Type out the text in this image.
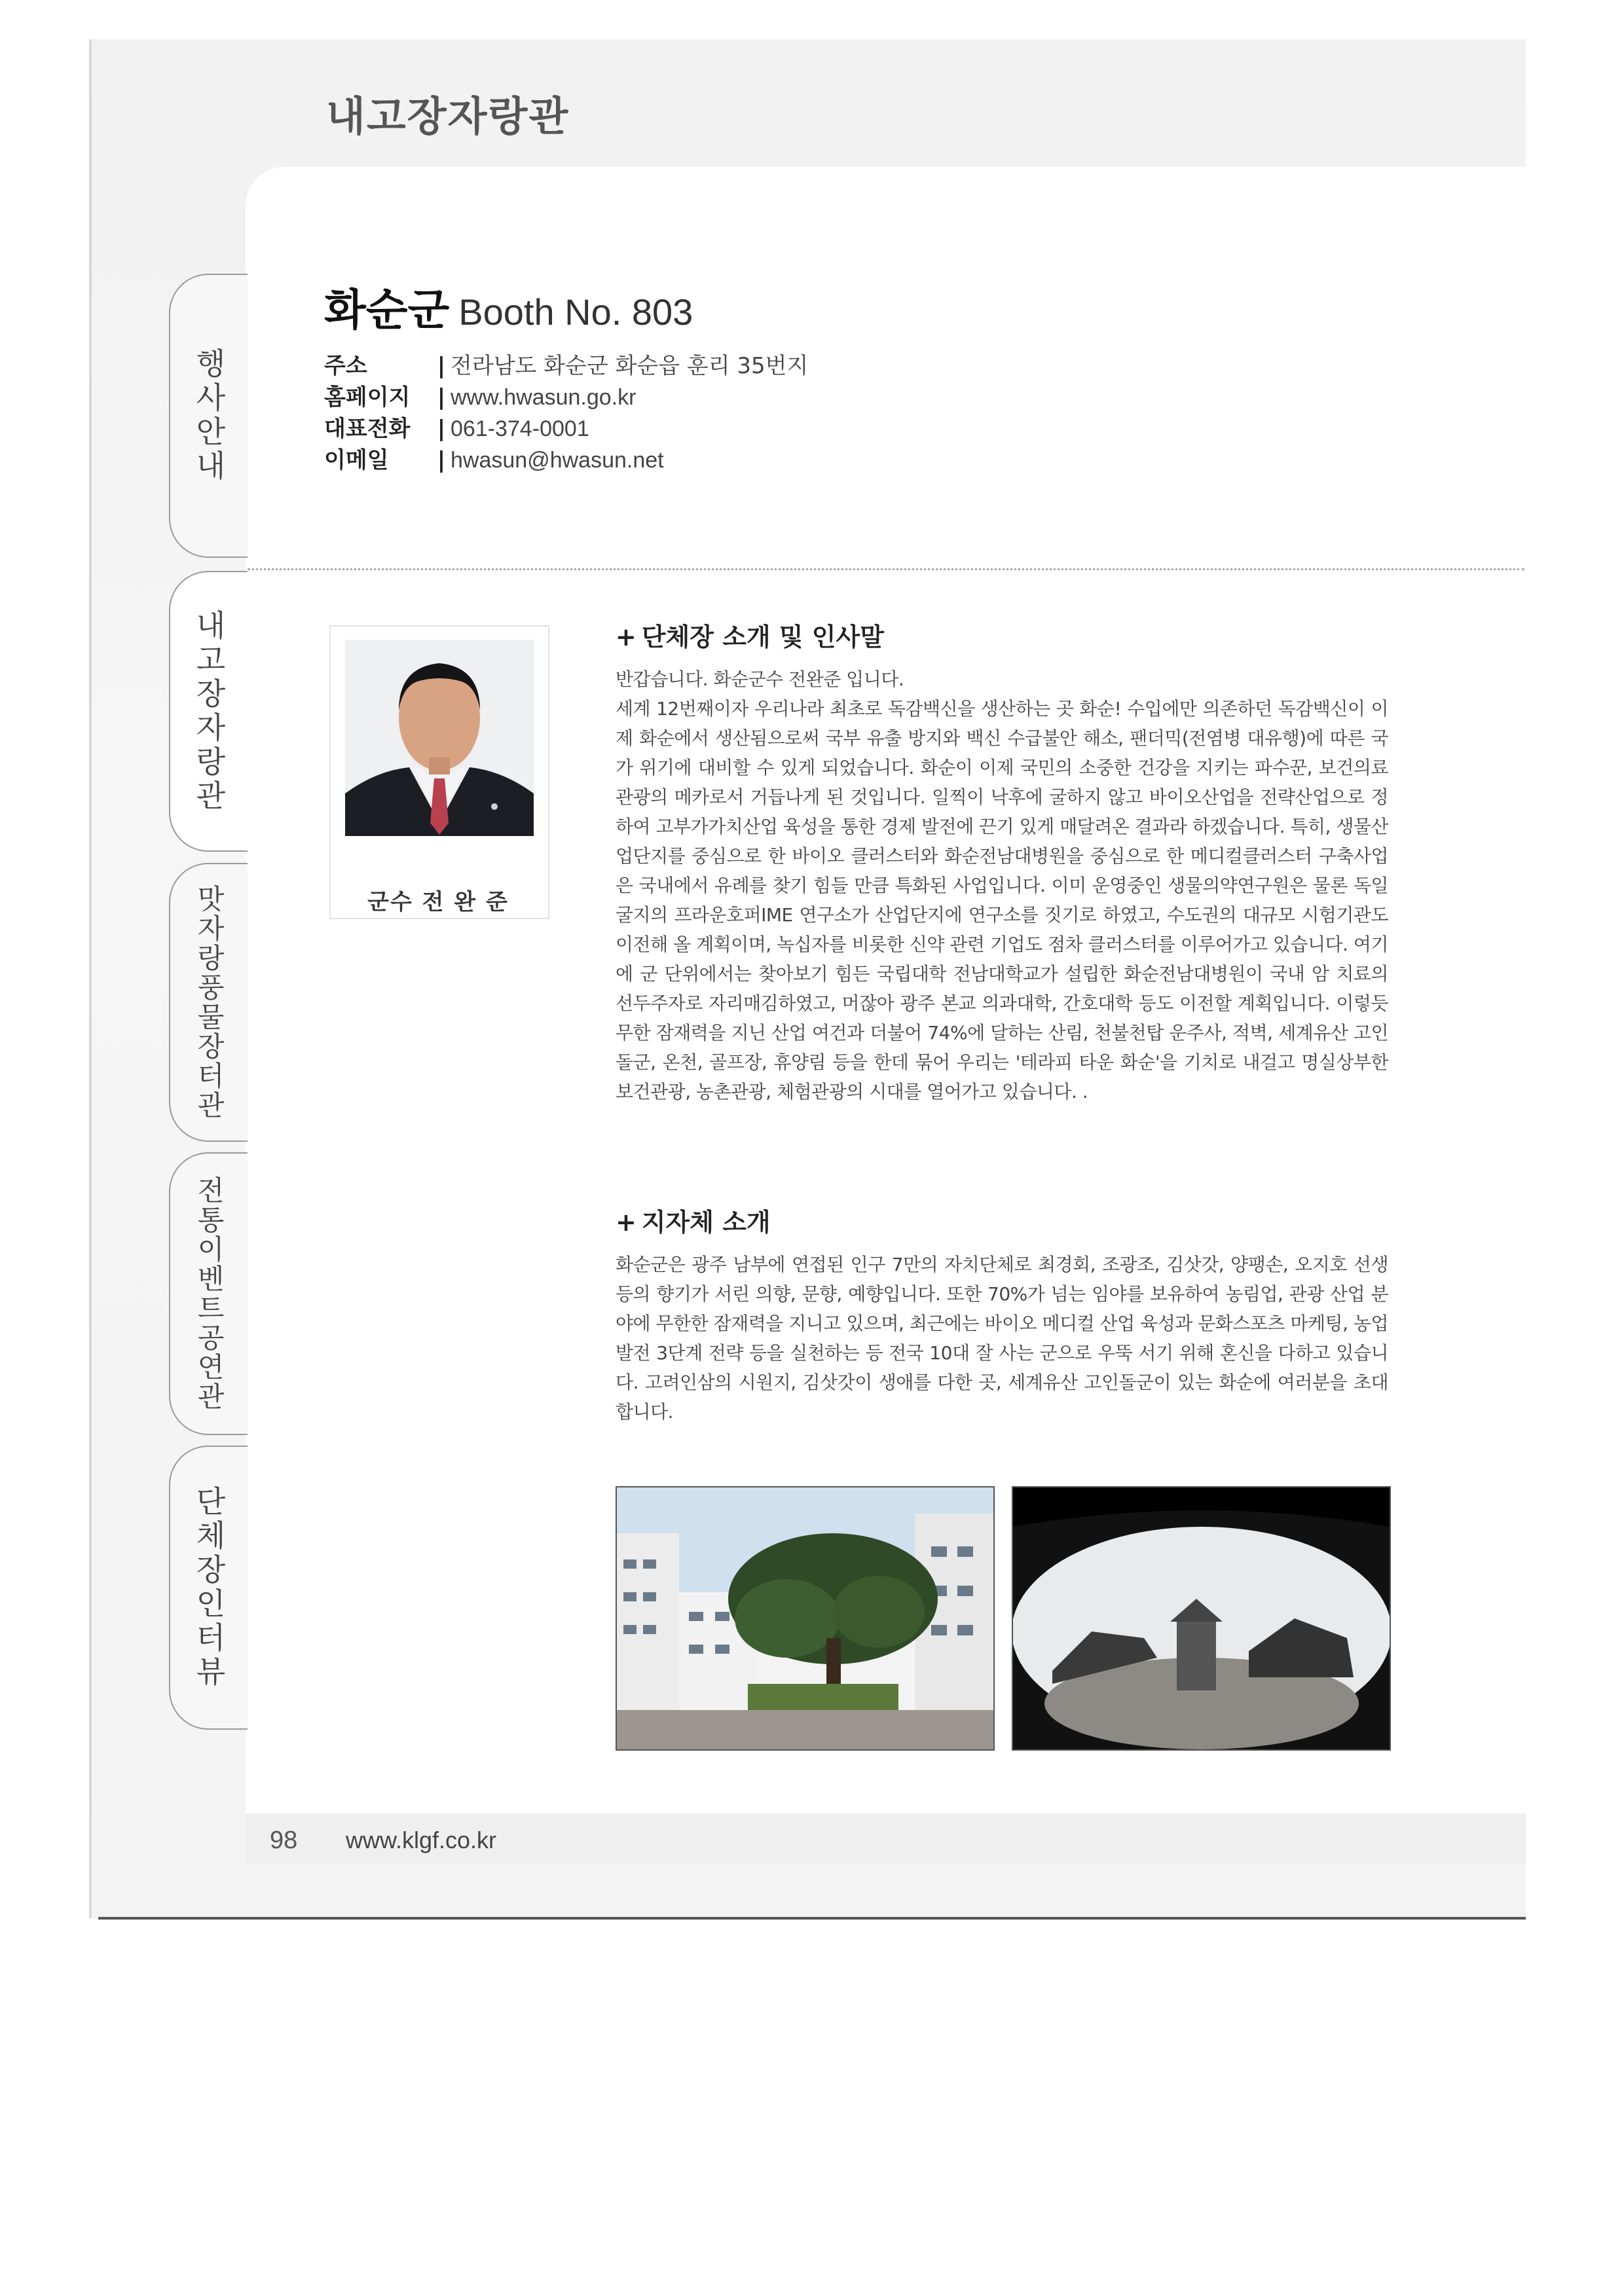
내고장자랑관
행사안내
내고장자랑관
맛자랑풍물장터관
전통이벤트공연관
단체장인터뷰
화순군 Booth No. 803
주소	| 전라남도 화순군 화순읍 훈리 35번지
홈페이지 | www.hwasun.go.kr
대표전화 | 061-374-0001
이메일 | hwasun@hwasun.net
군수 전 완 준
+ 단체장 소개 및 인사말

반갑습니다. 화순군수 전완준 입니다.

세계 12번째이자 우리나라 최초로 독감백신을 생산하는 곳 화순! 수입에만 의존하던 독감백신이 이제 화순에서 생산됨으로써 국부 유출 방지와 백신 수급불안 해소, 팬더믹(전염병 대유행)에 따른 국가 위기에 대비할 수 있게 되었습니다. 화순이 이제 국민의 소중한 건강을 지키는 파수꾼, 보건의료관광의 메카로서 거듭나게 된 것입니다. 일찍이 낙후에 굴하지 않고 바이오산업을 전략산업으로 정하여 고부가가치산업 육성을 통한 경제 발전에 끈기 있게 매달려온 결과라 하겠습니다. 특히, 생물산업단지를 중심으로 한 바이오 클러스터와 화순전남대병원을 중심으로 한 메디컬클러스터 구축사업은 국내에서 유례를 찾기 힘들 만큼 특화된 사업입니다. 이미 운영중인 생물의약연구원은 물론 독일 굴지의 프라운호퍼IME 연구소가 산업단지에 연구소를 짓기로 하였고, 수도권의 대규모 시험기관도 이전해 올 계획이며, 녹십자를 비롯한 신약 관련 기업도 점차 클러스터를 이루어가고 있습니다. 여기에 군 단위에서는 찾아보기 힘든 국립대학 전남대학교가 설립한 화순전남대병원이 국내 암 치료의 선두주자로 자리매김하였고, 머잖아 광주 본교 의과대학, 간호대학 등도 이전할 계획입니다. 이렇듯 무한 잠재력을 지닌 산업 여건과 더불어 74%에 달하는 산림, 천불천탑 운주사, 적벽, 세계유산 고인돌군, 온천, 골프장, 휴양림 등을 한데 묶어 우리는 '테라피 타운 화순'을 기치로 내걸고 명실상부한 보건관광, 농촌관광, 체험관광의 시대를 열어가고 있습니다. .

+ 지자체 소개

화순군은 광주 남부에 연접된 인구 7만의 자치단체로 최경회, 조광조, 김삿갓, 양팽손, 오지호 선생 등의 향기가 서린 의향, 문향, 예향입니다. 또한 70%가 넘는 임야를 보유하여 농림업, 관광 산업 분야에 무한한 잠재력을 지니고 있으며, 최근에는 바이오 메디컬 산업 육성과 문화스포츠 마케팅, 농업발전 3단계 전략 등을 실천하는 등 전국 10대 잘 사는 군으로 우뚝 서기 위해 혼신을 다하고 있습니다. 고려인삼의 시원지, 김삿갓이 생애를 다한 곳, 세계유산 고인돌군이 있는 화순에 여러분을 초대합니다.

98 www.klgf.co.kr
